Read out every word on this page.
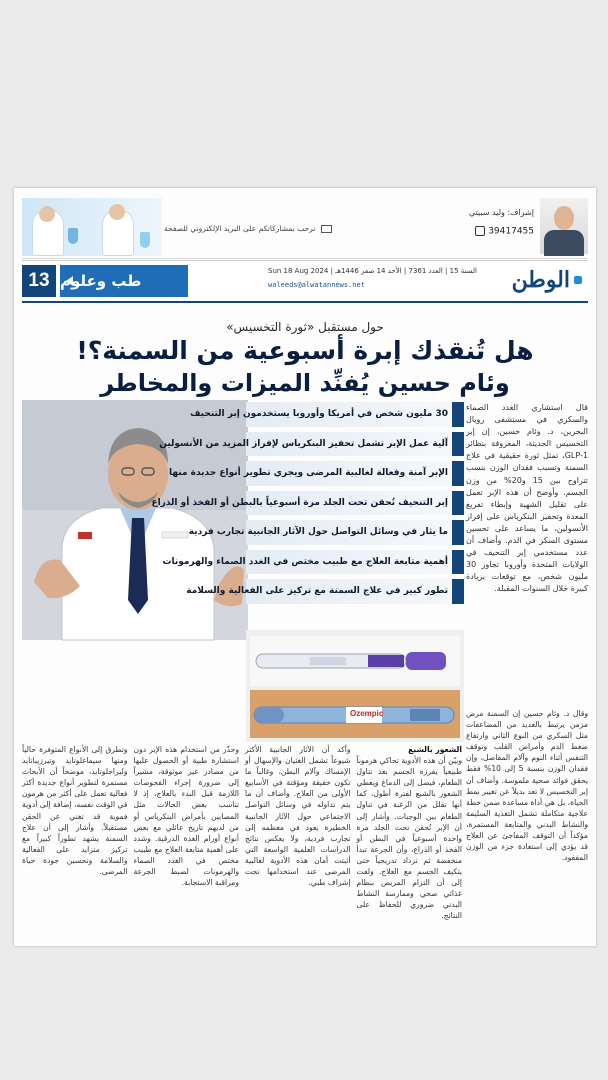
نرحب بمشاركاتكم على البريد الإلكتروني للصفحة
إشراف: وليد سبيتي
39417455
13 طب وعلوم
السنة 15 | العدد 7361 | الأحد 14 صفر 1446هـ | Sun 18 Aug 2024
waleeds@alwatannews.net	الوطن
حول مستقبل «ثورة التخسيس»
هل تُنقذك إبرة أسبوعية من السمنة؟!
وئام حسين يُفنِّد الميزات والمخاطر
30 مليون شخص في أمريكا وأوروبا يستخدمون إبر التنحيف
آلية عمل الإبر تشمل تحفيز البنكرياس لإفراز المزيد من الأنسولين
الإبر آمنة وفعالة لغالبية المرضى ويجري تطوير أنواع جديدة منها
إبر التنحيف تُحقن تحت الجلد مرة أسبوعياً بالبطن أو الفخذ أو الذراع
ما يثار في وسائل التواصل حول الآثار الجانبية تجارب فردية
أهمية متابعة العلاج مع طبيب مختص في الغدد الصماء والهرمونات
تطور كبير في علاج السمنة مع تركيز على الفعالية والسلامة
Ozempic
قال استشاري الغدد الصماء والسكري في مستشفى رويال البحرين، د. وئام حسين، إن إبر التخسيس الحديثة، المعروفة بنظائر GLP-1، تمثل ثورة حقيقية في علاج السمنة وتسبب فقدان الوزن بنسب تتراوح بين 15 و20% من وزن الجسم. وأوضح أن هذه الإبر تعمل على تقليل الشهية وإبطاء تفريغ المعدة وتحفيز البنكرياس على إفراز الأنسولين، ما يساعد على تحسين مستوى السكر في الدم. وأضاف أن عدد مستخدمي إبر التنحيف في الولايات المتحدة وأوروبا تجاوز 30 مليون شخص، مع توقعات بزيادة كبيرة خلال السنوات المقبلة.
الشعور بالشبع
وبيّن أن هذه الأدوية تحاكي هرموناً طبيعياً يفرزه الجسم بعد تناول الطعام، فيصل إلى الدماغ ويعطي الشعور بالشبع لفترة أطول، كما أنها تقلل من الرغبة في تناول الطعام بين الوجبات. وأشار إلى أن الإبر تُحقن تحت الجلد مرة واحدة أسبوعياً في البطن أو الفخذ أو الذراع، وأن الجرعة تبدأ منخفضة ثم تزداد تدريجياً حتى يتكيف الجسم مع العلاج. ولفت إلى أن التزام المريض بنظام غذائي صحي وممارسة النشاط البدني ضروري للحفاظ على النتائج.
وأكد أن الآثار الجانبية الأكثر شيوعاً تشمل الغثيان والإسهال أو الإمساك وآلام البطن، وغالباً ما تكون خفيفة ومؤقتة في الأسابيع الأولى من العلاج. وأضاف أن ما يتم تداوله في وسائل التواصل الاجتماعي حول الآثار الجانبية الخطيرة يعود في معظمه إلى تجارب فردية، ولا يعكس نتائج الدراسات العلمية الواسعة التي أثبتت أمان هذه الأدوية لغالبية المرضى عند استخدامها تحت إشراف طبي.
وحذّر من استخدام هذه الإبر دون استشارة طبية أو الحصول عليها من مصادر غير موثوقة، مشيراً إلى ضرورة إجراء الفحوصات اللازمة قبل البدء بالعلاج، إذ لا تناسب بعض الحالات مثل المصابين بأمراض البنكرياس أو من لديهم تاريخ عائلي مع بعض أنواع أورام الغدة الدرقية. وشدد على أهمية متابعة العلاج مع طبيب مختص في الغدد الصماء والهرمونات لضبط الجرعة ومراقبة الاستجابة.
وتطرق إلى الأنواع المتوفرة حالياً ومنها سيماغلوتايد وتيرزيباتايد وليراجلوتايد، موضحاً أن الأبحاث مستمرة لتطوير أنواع جديدة أكثر فعالية تعمل على أكثر من هرمون في الوقت نفسه، إضافة إلى أدوية فموية قد تغني عن الحقن مستقبلاً. وأشار إلى أن علاج السمنة يشهد تطوراً كبيراً مع تركيز متزايد على الفعالية والسلامة وتحسين جودة حياة المرضى.
وقال د. وئام حسين إن السمنة مرض مزمن يرتبط بالعديد من المضاعفات مثل السكري من النوع الثاني وارتفاع ضغط الدم وأمراض القلب وتوقف التنفس أثناء النوم وآلام المفاصل، وإن فقدان الوزن بنسبة 5 إلى 10% فقط يحقق فوائد صحية ملموسة. وأضاف أن إبر التخسيس لا تعد بديلاً عن تغيير نمط الحياة، بل هي أداة مساعدة ضمن خطة علاجية متكاملة تشمل التغذية السليمة والنشاط البدني والمتابعة المستمرة، مؤكداً أن التوقف المفاجئ عن العلاج قد يؤدي إلى استعادة جزء من الوزن المفقود.
